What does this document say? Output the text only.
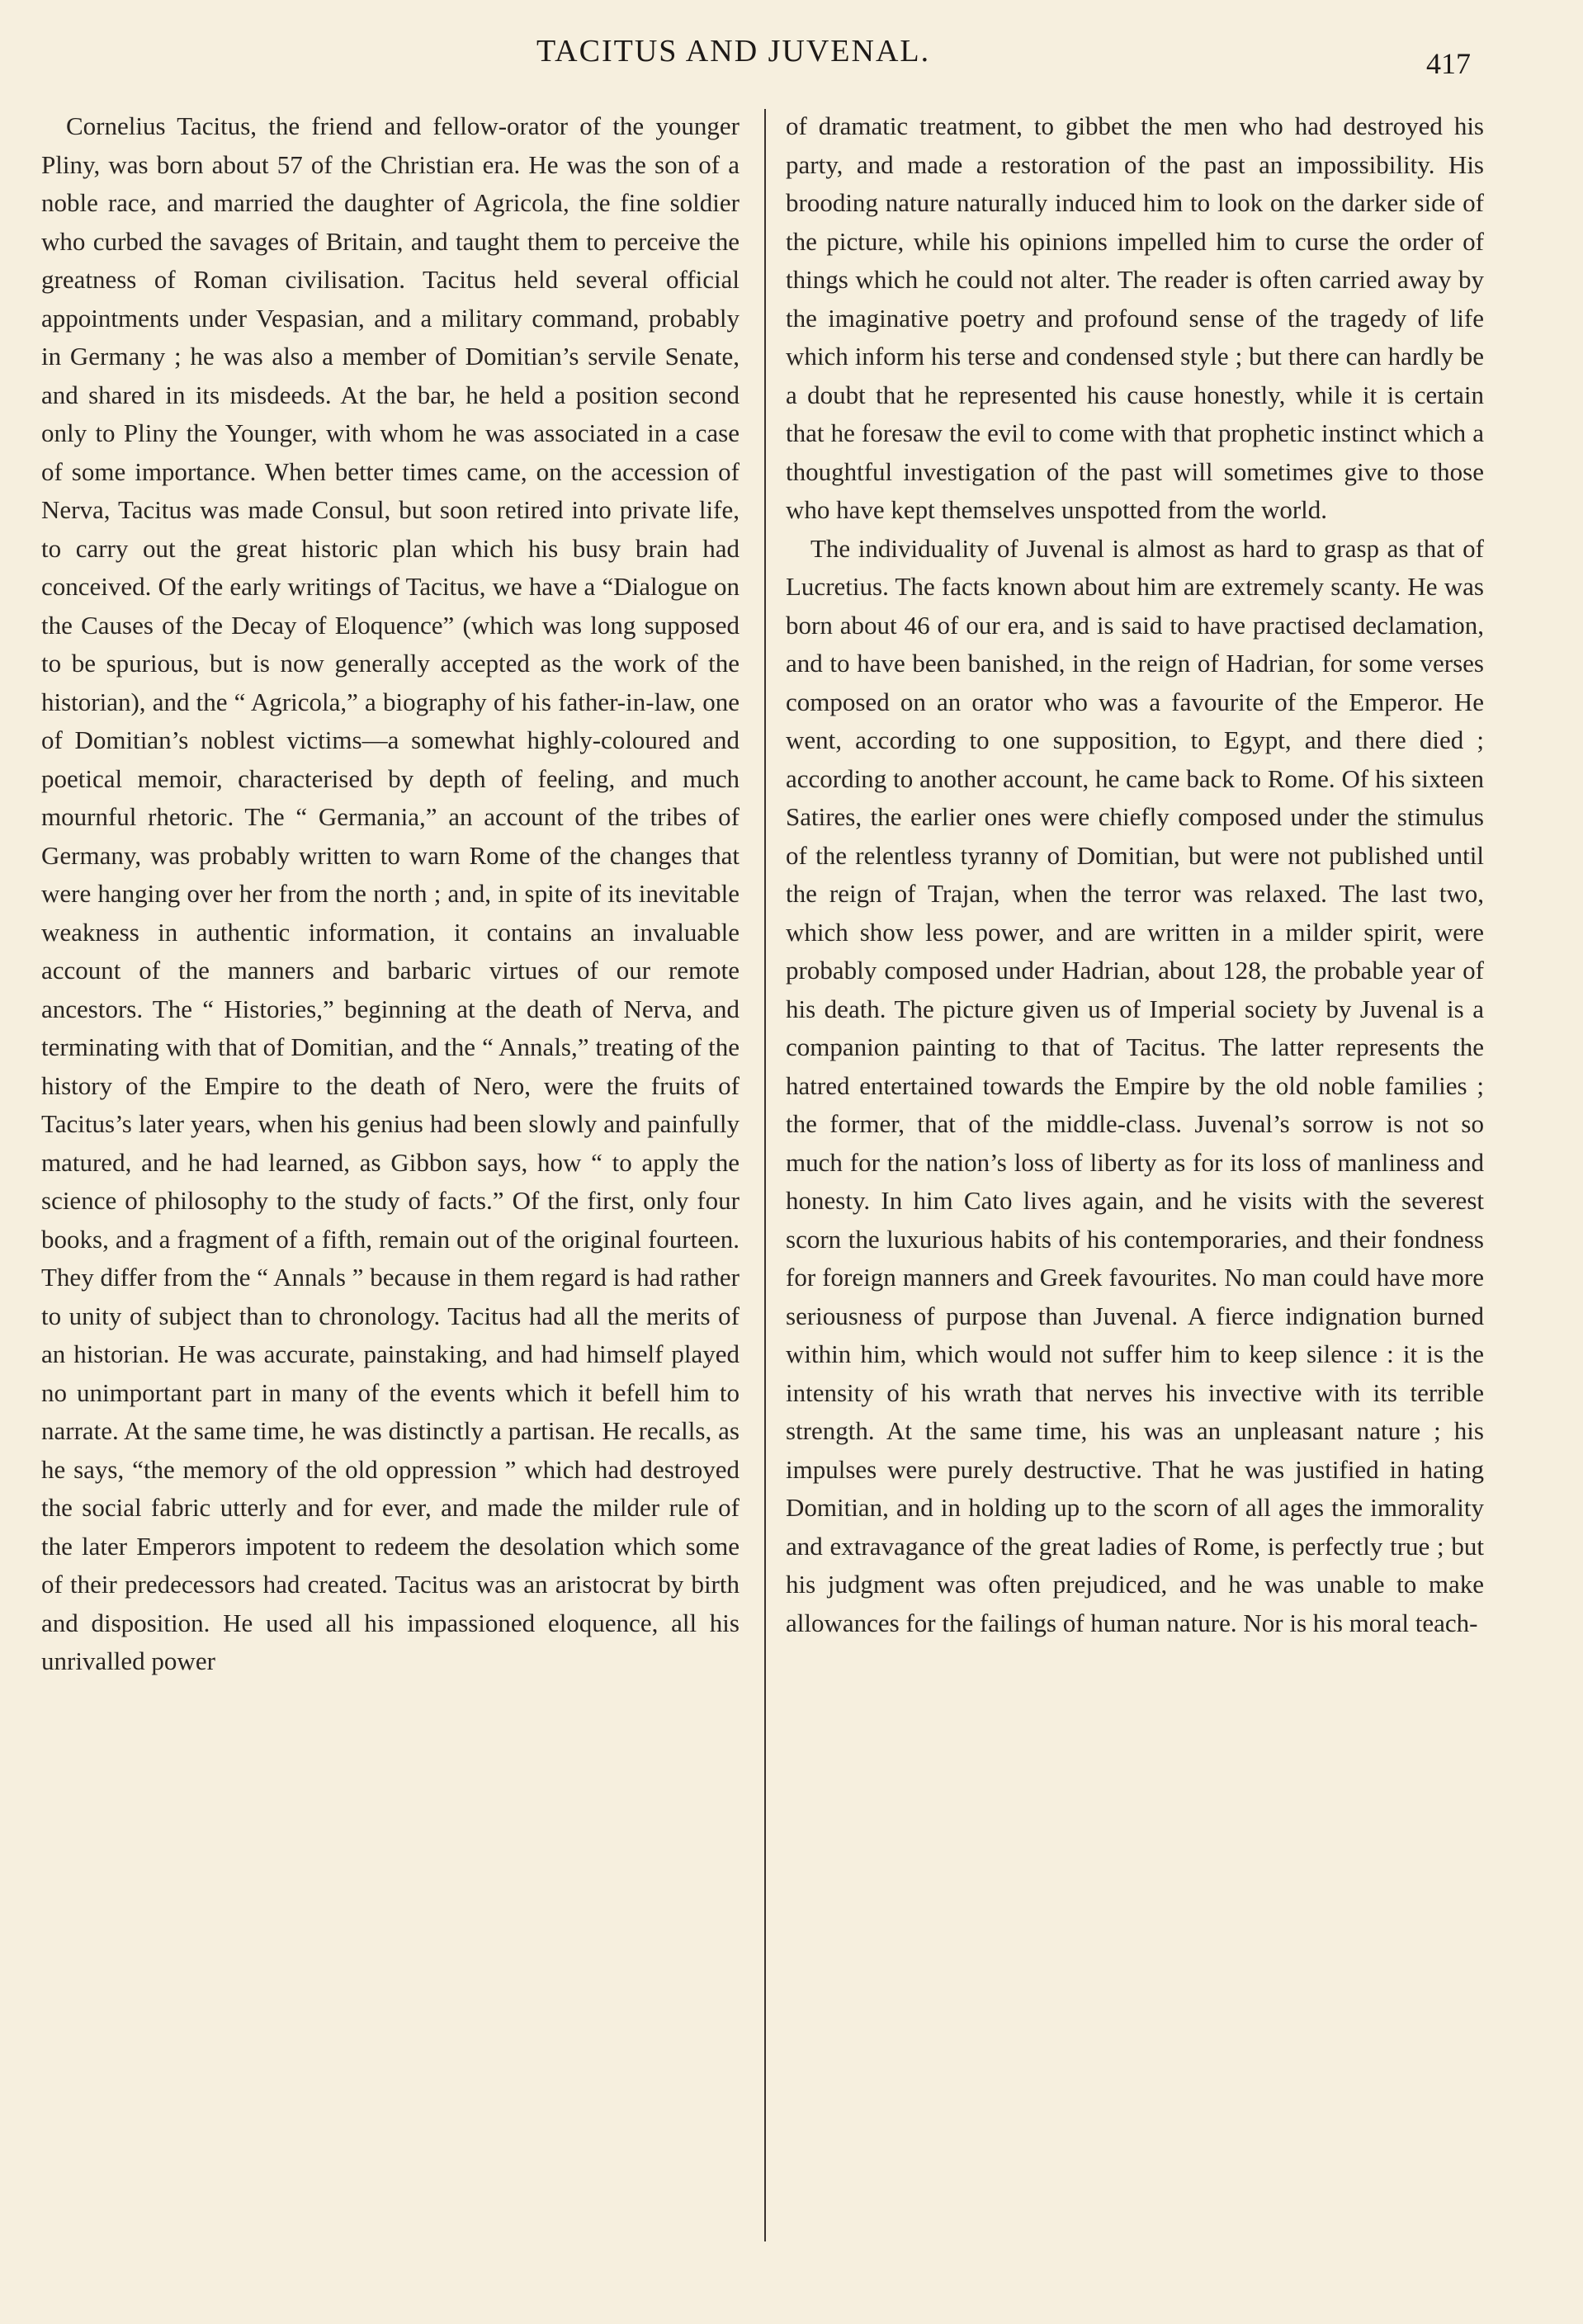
TACITUS AND JUVENAL.	417

Cornelius Tacitus, the friend and fellow-orator of the younger Pliny, was born about 57 of the Christian era. He was the son of a noble race, and married the daughter of Agricola, the fine soldier who curbed the savages of Britain, and taught them to perceive the greatness of Roman civilisation. Tacitus held several official appointments under Vespasian, and a military command, probably in Germany ; he was also a member of Domitian’s servile Senate, and shared in its misdeeds. At the bar, he held a position second only to Pliny the Younger, with whom he was associated in a case of some importance. When better times came, on the accession of Nerva, Tacitus was made Consul, but soon retired into private life, to carry out the great historic plan which his busy brain had conceived. Of the early writings of Tacitus, we have a “Dialogue on the Causes of the Decay of Eloquence” (which was long supposed to be spurious, but is now generally accepted as the work of the historian), and the “ Agricola,” a biography of his father-in-law, one of Domitian’s noblest victims—a somewhat highly-coloured and poetical memoir, characterised by depth of feeling, and much mournful rhetoric. The “ Germania,” an account of the tribes of Germany, was probably written to warn Rome of the changes that were hanging over her from the north ; and, in spite of its inevitable weakness in authentic information, it contains an invaluable account of the manners and barbaric virtues of our remote ancestors. The “ Histories,” beginning at the death of Nerva, and terminating with that of Domitian, and the “ Annals,” treating of the history of the Empire to the death of Nero, were the fruits of Tacitus’s later years, when his genius had been slowly and painfully matured, and he had learned, as Gibbon says, how “ to apply the science of philosophy to the study of facts.” Of the first, only four books, and a fragment of a fifth, remain out of the original fourteen. They differ from the “ Annals ” because in them regard is had rather to unity of subject than to chronology. Tacitus had all the merits of an historian. He was accurate, painstaking, and had himself played no unimportant part in many of the events which it befell him to narrate. At the same time, he was distinctly a partisan. He recalls, as he says, “the memory of the old oppression ” which had destroyed the social fabric utterly and for ever, and made the milder rule of the later Emperors impotent to redeem the desolation which some of their predecessors had created. Tacitus was an aristocrat by birth and disposition. He used all his impassioned eloquence, all his unrivalled power

of dramatic treatment, to gibbet the men who had destroyed his party, and made a restoration of the past an impossibility. His brooding nature naturally induced him to look on the darker side of the picture, while his opinions impelled him to curse the order of things which he could not alter. The reader is often carried away by the imaginative poetry and profound sense of the tragedy of life which inform his terse and condensed style ; but there can hardly be a doubt that he represented his cause honestly, while it is certain that he foresaw the evil to come with that prophetic instinct which a thoughtful investigation of the past will sometimes give to those who have kept themselves unspotted from the world.

The individuality of Juvenal is almost as hard to grasp as that of Lucretius. The facts known about him are extremely scanty. He was born about 46 of our era, and is said to have practised declamation, and to have been banished, in the reign of Hadrian, for some verses composed on an orator who was a favourite of the Emperor. He went, according to one supposition, to Egypt, and there died ; according to another account, he came back to Rome. Of his sixteen Satires, the earlier ones were chiefly composed under the stimulus of the relentless tyranny of Domitian, but were not published until the reign of Trajan, when the terror was relaxed. The last two, which show less power, and are written in a milder spirit, were probably composed under Hadrian, about 128, the probable year of his death. The picture given us of Imperial society by Juvenal is a companion painting to that of Tacitus. The latter represents the hatred entertained towards the Empire by the old noble families ; the former, that of the middle-class. Juvenal’s sorrow is not so much for the nation’s loss of liberty as for its loss of manliness and honesty. In him Cato lives again, and he visits with the severest scorn the luxurious habits of his contemporaries, and their fondness for foreign manners and Greek favourites. No man could have more seriousness of purpose than Juvenal. A fierce indignation burned within him, which would not suffer him to keep silence : it is the intensity of his wrath that nerves his invective with its terrible strength. At the same time, his was an unpleasant nature ; his impulses were purely destructive. That he was justified in hating Domitian, and in holding up to the scorn of all ages the immorality and extravagance of the great ladies of Rome, is perfectly true ; but his judgment was often prejudiced, and he was unable to make allowances for the failings of human nature. Nor is his moral teach-
